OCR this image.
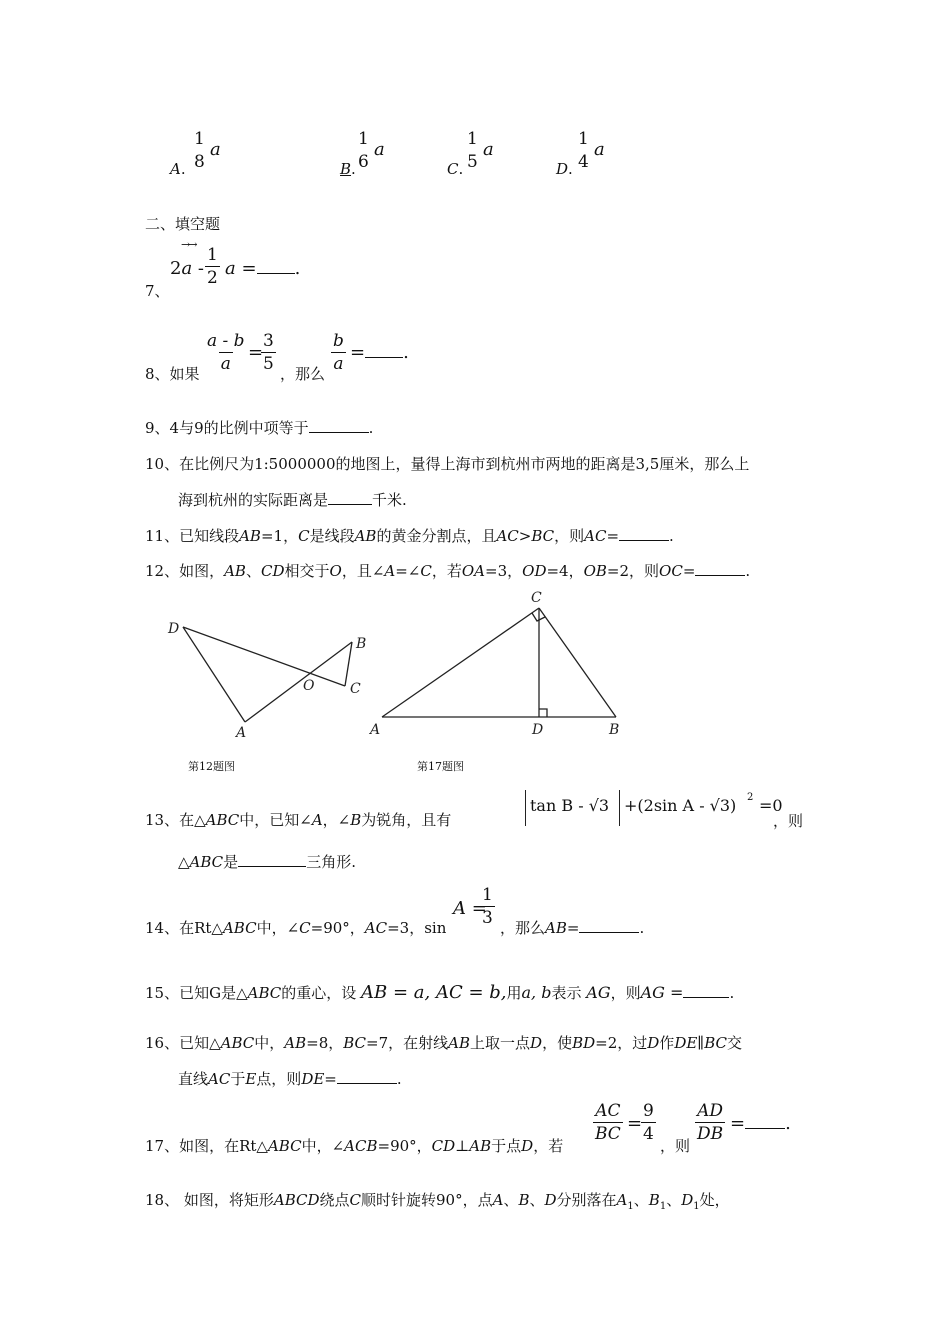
A.
1
8
a
B.
1
6
a
C.
1
5
a
D.
1
4
a
二、填空题
7、
→→
$2a - \frac{1}{2}$ a = .
8、如果 $\frac{a - b}{a}$ =
$\frac{3}{5}$ ，那么 $\frac{b}{a}$ = .
9、4与9的比例中项等于	.
10、在比例尺为1:5000000的地图上，量得上海市到杭州市两地的距离是3,5厘米，那么上
海到杭州的实际距离是	千米.
11、已知线段AB=1，C是线段AB的黄金分割点，且AC>BC，则AC=	.
12、如图，AB、CD相交于O，且∠A=∠C，若OA=3，OD=4，OB=2，则OC=	.
D
B
O	C
A
C
A	D	B
第12题图	第17题图
13、在△ABC中，已知∠A，∠B为锐角，且有
tan B - √3 +(2sin A - √3) 2 =0
，则
△ABC是	三角形.
14、在Rt△ABC中，∠C=90°，AC=3，sin
A =
$\frac{1}{3}$ ，那么AB=	.
15、已知G是△ABC的重心，设 AB = a, AC = b,用a, b表示 AG，则AG =	.
16、已知△ABC中，AB=8，BC=7，在射线AB上取一点D，使BD=2，过D作DE∥BC交
直线AC于E点，则DE=	.
17、如图，在Rt△ABC中，∠ACB=90°，CD⊥AB于点D，若
$\frac{AC}{BC}$ =
$\frac{9}{4}$
，则
$\frac{AD}{DB}$ = .
18、 如图，将矩形ABCD绕点C顺时针旋转90°，点A、B、D分别落在$A_1$、$B_1$、$D_1$处，
